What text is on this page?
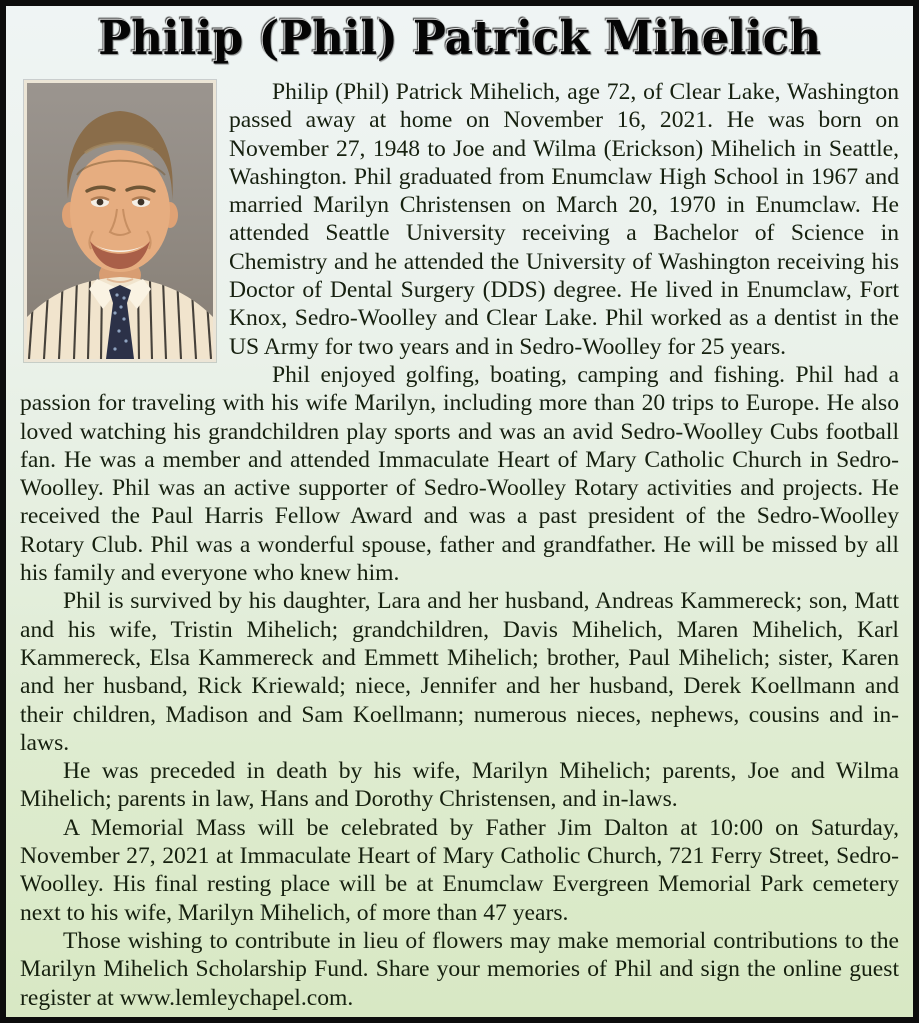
Philip (Phil) Patrick Mihelich

Philip (Phil) Patrick Mihelich, age 72, of Clear Lake, Washington passed away at home on November 16, 2021. He was born on November 27, 1948 to Joe and Wilma (Erickson) Mihelich in Seattle, Washington. Phil graduated from Enumclaw High School in 1967 and married Marilyn Christensen on March 20, 1970 in Enumclaw. He attended Seattle University receiving a Bachelor of Science in Chemistry and he attended the University of Washington receiving his Doctor of Dental Surgery (DDS) degree. He lived in Enumclaw, Fort Knox, Sedro-Woolley and Clear Lake. Phil worked as a dentist in the US Army for two years and in Sedro-Woolley for 25 years.

Phil enjoyed golfing, boating, camping and fishing. Phil had a passion for traveling with his wife Marilyn, including more than 20 trips to Europe. He also loved watching his grandchildren play sports and was an avid Sedro-Woolley Cubs football fan. He was a member and attended Immaculate Heart of Mary Catholic Church in Sedro-Woolley. Phil was an active supporter of Sedro-Woolley Rotary activities and projects. He received the Paul Harris Fellow Award and was a past president of the Sedro-Woolley Rotary Club. Phil was a wonderful spouse, father and grandfather. He will be missed by all his family and everyone who knew him.

Phil is survived by his daughter, Lara and her husband, Andreas Kammereck; son, Matt and his wife, Tristin Mihelich; grandchildren, Davis Mihelich, Maren Mihelich, Karl Kammereck, Elsa Kammereck and Emmett Mihelich; brother, Paul Mihelich; sister, Karen and her husband, Rick Kriewald; niece, Jennifer and her husband, Derek Koellmann and their children, Madison and Sam Koellmann; numerous nieces, nephews, cousins and in-laws.

He was preceded in death by his wife, Marilyn Mihelich; parents, Joe and Wilma Mihelich; parents in law, Hans and Dorothy Christensen, and in-laws.

A Memorial Mass will be celebrated by Father Jim Dalton at 10:00 on Saturday, November 27, 2021 at Immaculate Heart of Mary Catholic Church, 721 Ferry Street, Sedro-Woolley. His final resting place will be at Enumclaw Evergreen Memorial Park cemetery next to his wife, Marilyn Mihelich, of more than 47 years.

Those wishing to contribute in lieu of flowers may make memorial contributions to the Marilyn Mihelich Scholarship Fund. Share your memories of Phil and sign the online guest register at www.lemleychapel.com.
